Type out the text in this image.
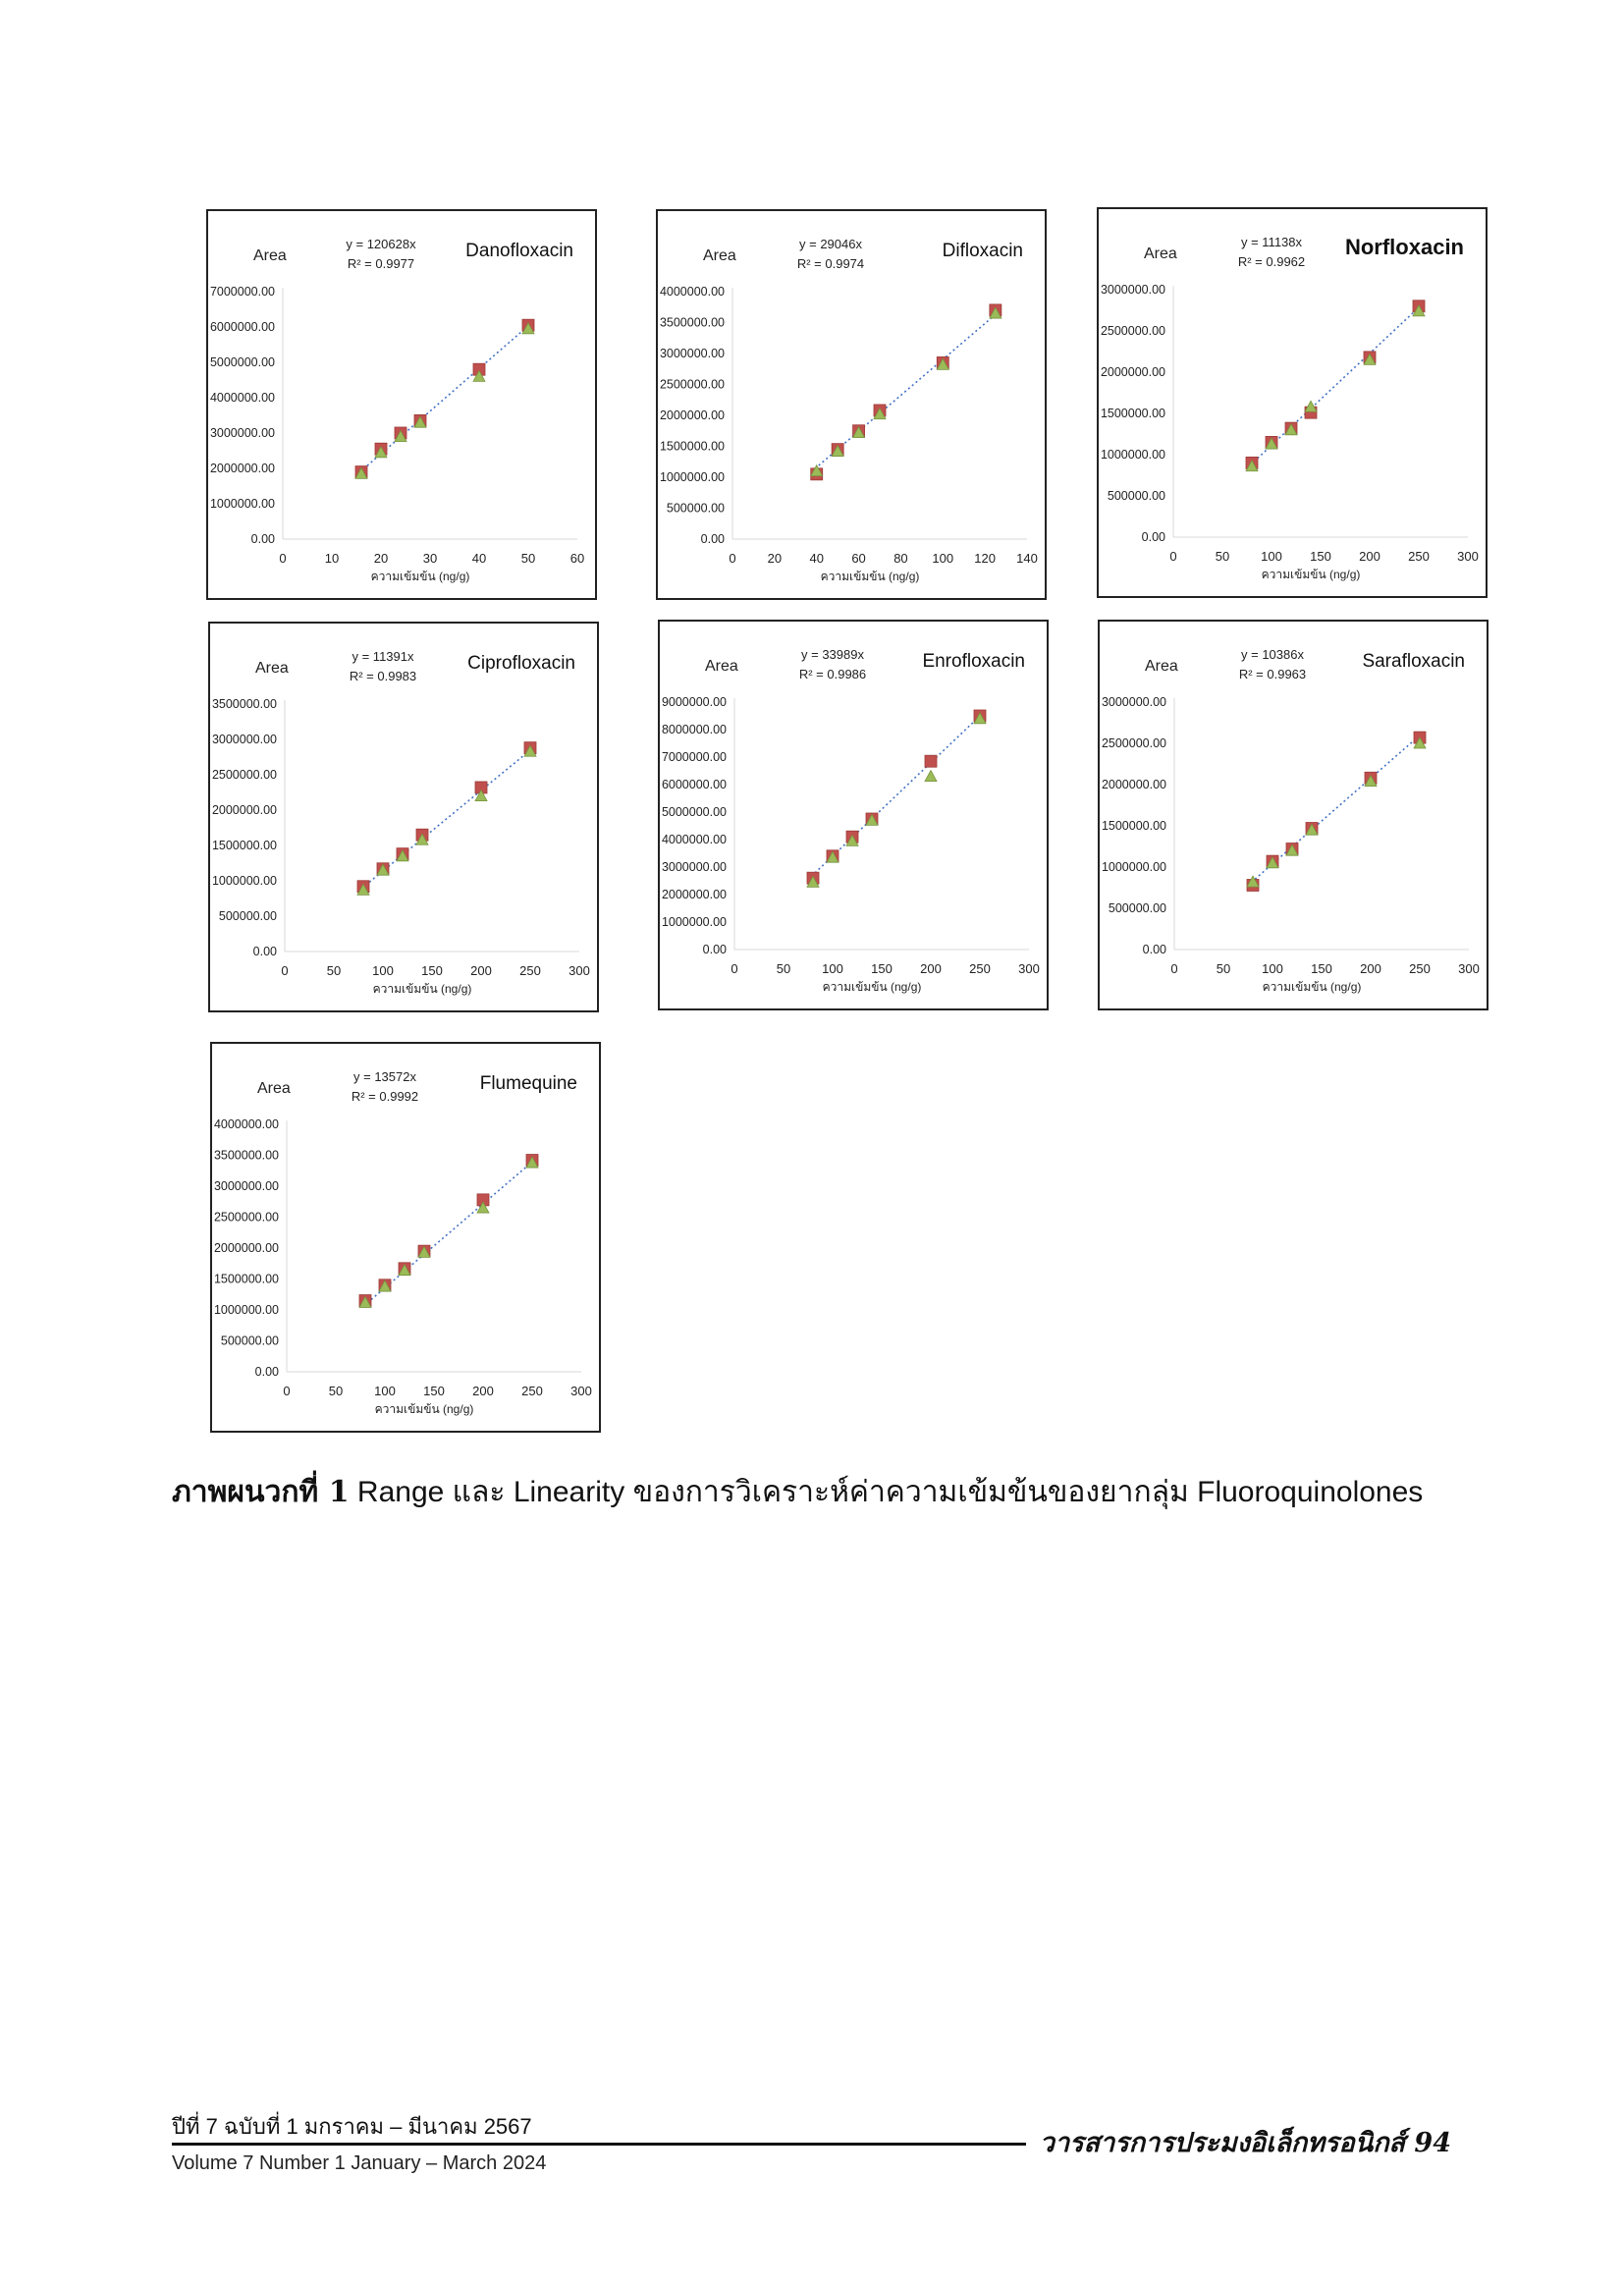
0.00
1000000.00
2000000.00
3000000.00
4000000.00
5000000.00
6000000.00
7000000.00
0	10	20	30	40	50	60
Area
ความเข้มข้น (ng/g)
y = 120628x
R² = 0.9977
Danofloxacin
0.00
500000.00
1000000.00
1500000.00
2000000.00
2500000.00
3000000.00
3500000.00
4000000.00
0 20 40 60 80 100 120 140
Area
ความเข้มข้น (ng/g)
y = 29046x
R² = 0.9974
Difloxacin
0.00
500000.00
1000000.00
1500000.00
2000000.00
2500000.00
3000000.00
0	50 100 150 200 250 300
Area
ความเข้มข้น (ng/g)
y = 11138x
R² = 0.9962
Norfloxacin
0.00
500000.00
1000000.00
1500000.00
2000000.00
2500000.00
3000000.00
3500000.00
0	50 100 150 200 250 300
Area
ความเข้มข้น (ng/g)
y = 11391x
R² = 0.9983
Ciprofloxacin
0.00
1000000.00
2000000.00
3000000.00
4000000.00
5000000.00
6000000.00
7000000.00
8000000.00
9000000.00
0	50 100 150 200 250 300
Area
ความเข้มข้น (ng/g)
y = 33989x
R² = 0.9986
Enrofloxacin
0.00
500000.00
1000000.00
1500000.00
2000000.00
2500000.00
3000000.00
0	50 100 150 200 250 300
Area
ความเข้มข้น (ng/g)
y = 10386x
R² = 0.9963
Sarafloxacin
0.00
500000.00
1000000.00
1500000.00
2000000.00
2500000.00
3000000.00
3500000.00
4000000.00
0	50 100 150 200 250 300
Area
ความเข้มข้น (ng/g)
y = 13572x
R² = 0.9992
Flumequine
ภาพผนวกที่ 1 Range และ Linearity ของการวิเคราะห์ค่าความเข้มข้นของยากลุ่ม Fluoroquinolones
ปีที่ 7 ฉบับที่ 1 มกราคม – มีนาคม 2567
วารสารการประมงอิเล็กทรอนิกส์ 94
Volume 7 Number 1 January – March 2024
